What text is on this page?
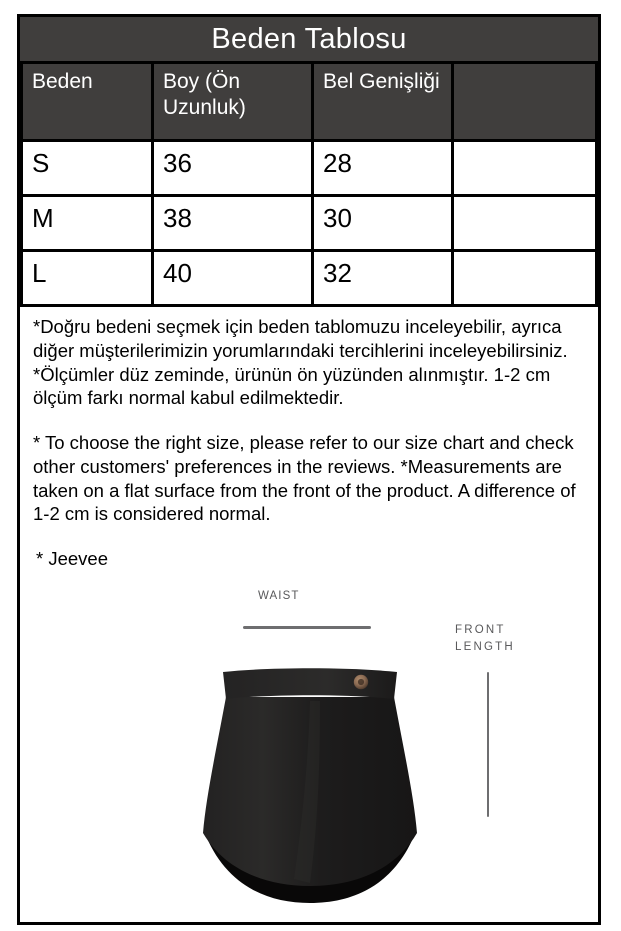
Beden Tablosu
Beden	Boy (Ön Uzunluk)	Bel Genişliği	
S	36	28	
M	38	30	
L	40	32	

*Doğru bedeni seçmek için beden tablomuzu inceleyebilir, ayrıca diğer müşterilerimizin yorumlarındaki tercihlerini inceleyebilirsiniz. *Ölçümler düz zeminde, ürünün ön yüzünden alınmıştır. 1-2 cm ölçüm farkı normal kabul edilmektedir.

* To choose the right size, please refer to our size chart and check other customers' preferences in the reviews. *Measurements are taken on a flat surface from the front of the product. A difference of 1-2 cm is considered normal.

* Jeevee
WAIST
FRONT
LENGTH
